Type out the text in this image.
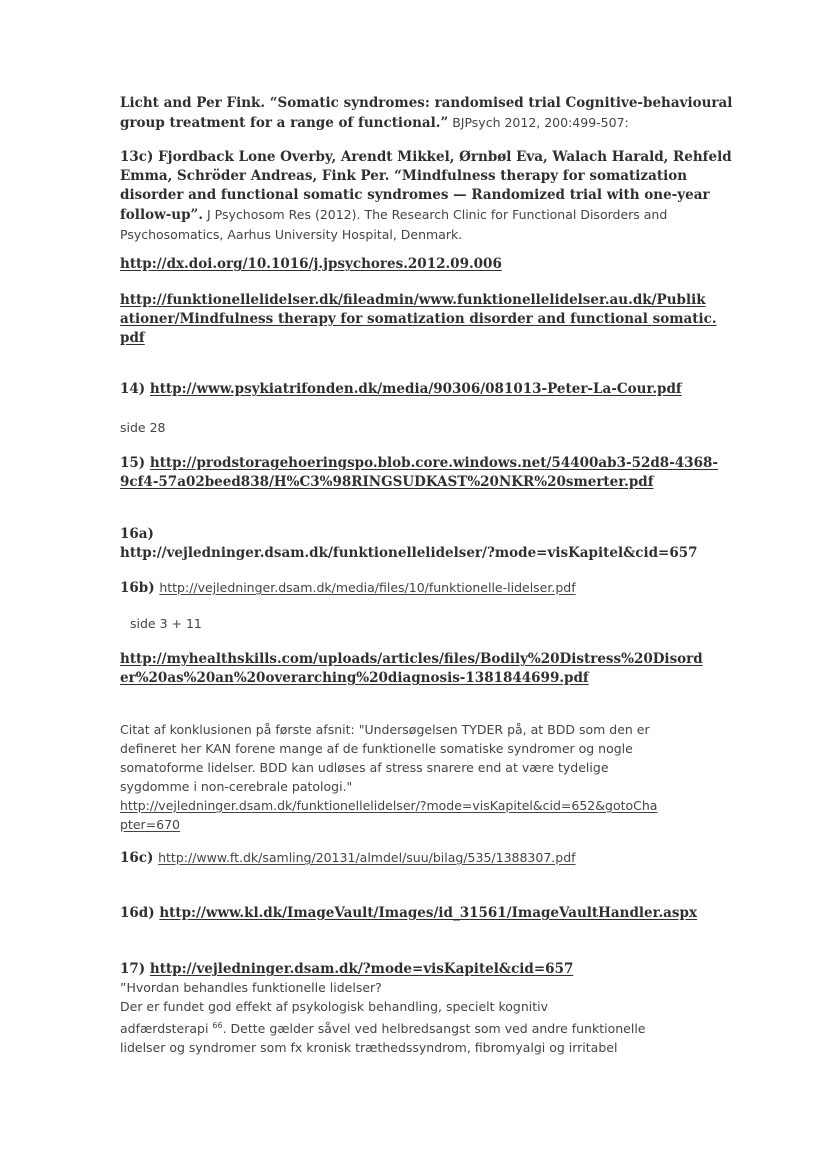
Licht and Per Fink. “Somatic syndromes: randomised trial Cognitive-behavioural
group treatment for a range of functional.” BJPsych 2012, 200:499-507:
13c) Fjordback Lone Overby, Arendt Mikkel, Ørnbøl Eva, Walach Harald, Rehfeld
Emma, Schröder Andreas, Fink Per. “Mindfulness therapy for somatization
disorder and functional somatic syndromes — Randomized trial with one-year
follow-up”. J Psychosom Res (2012). The Research Clinic for Functional Disorders and
Psychosomatics, Aarhus University Hospital, Denmark.
http://dx.doi.org/10.1016/j.jpsychores.2012.09.006
http://funktionellelidelser.dk/fileadmin/www.funktionellelidelser.au.dk/Publik
ationer/Mindfulness therapy for somatization disorder and functional somatic.
pdf
14) http://www.psykiatrifonden.dk/media/90306/081013-Peter-La-Cour.pdf
side 28
15) http://prodstoragehoeringspo.blob.core.windows.net/54400ab3-52d8-4368-
9cf4-57a02beed838/H%C3%98RINGSUDKAST%20NKR%20smerter.pdf
16a)
http://vejledninger.dsam.dk/funktionellelidelser/?mode=visKapitel&cid=657
16b) http://vejledninger.dsam.dk/media/files/10/funktionelle-lidelser.pdf
side 3 + 11
http://myhealthskills.com/uploads/articles/files/Bodily%20Distress%20Disord
er%20as%20an%20overarching%20diagnosis-1381844699.pdf
Citat af konklusionen på første afsnit: "Undersøgelsen TYDER på, at BDD som den er
defineret her KAN forene mange af de funktionelle somatiske syndromer og nogle
somatoforme lidelser. BDD kan udløses af stress snarere end at være tydelige
sygdomme i non-cerebrale patologi."
http://vejledninger.dsam.dk/funktionellelidelser/?mode=visKapitel&cid=652&gotoCha
pter=670
16c) http://www.ft.dk/samling/20131/almdel/suu/bilag/535/1388307.pdf
16d) http://www.kl.dk/ImageVault/Images/id_31561/ImageVaultHandler.aspx
17) http://vejledninger.dsam.dk/?mode=visKapitel&cid=657
”Hvordan behandles funktionelle lidelser?
Der er fundet god effekt af psykologisk behandling, specielt kognitiv
adfærdsterapi $^{66}$. Dette gælder såvel ved helbredsangst som ved andre funktionelle
lidelser og syndromer som fx kronisk træthedssyndrom, fibromyalgi og irritabel
